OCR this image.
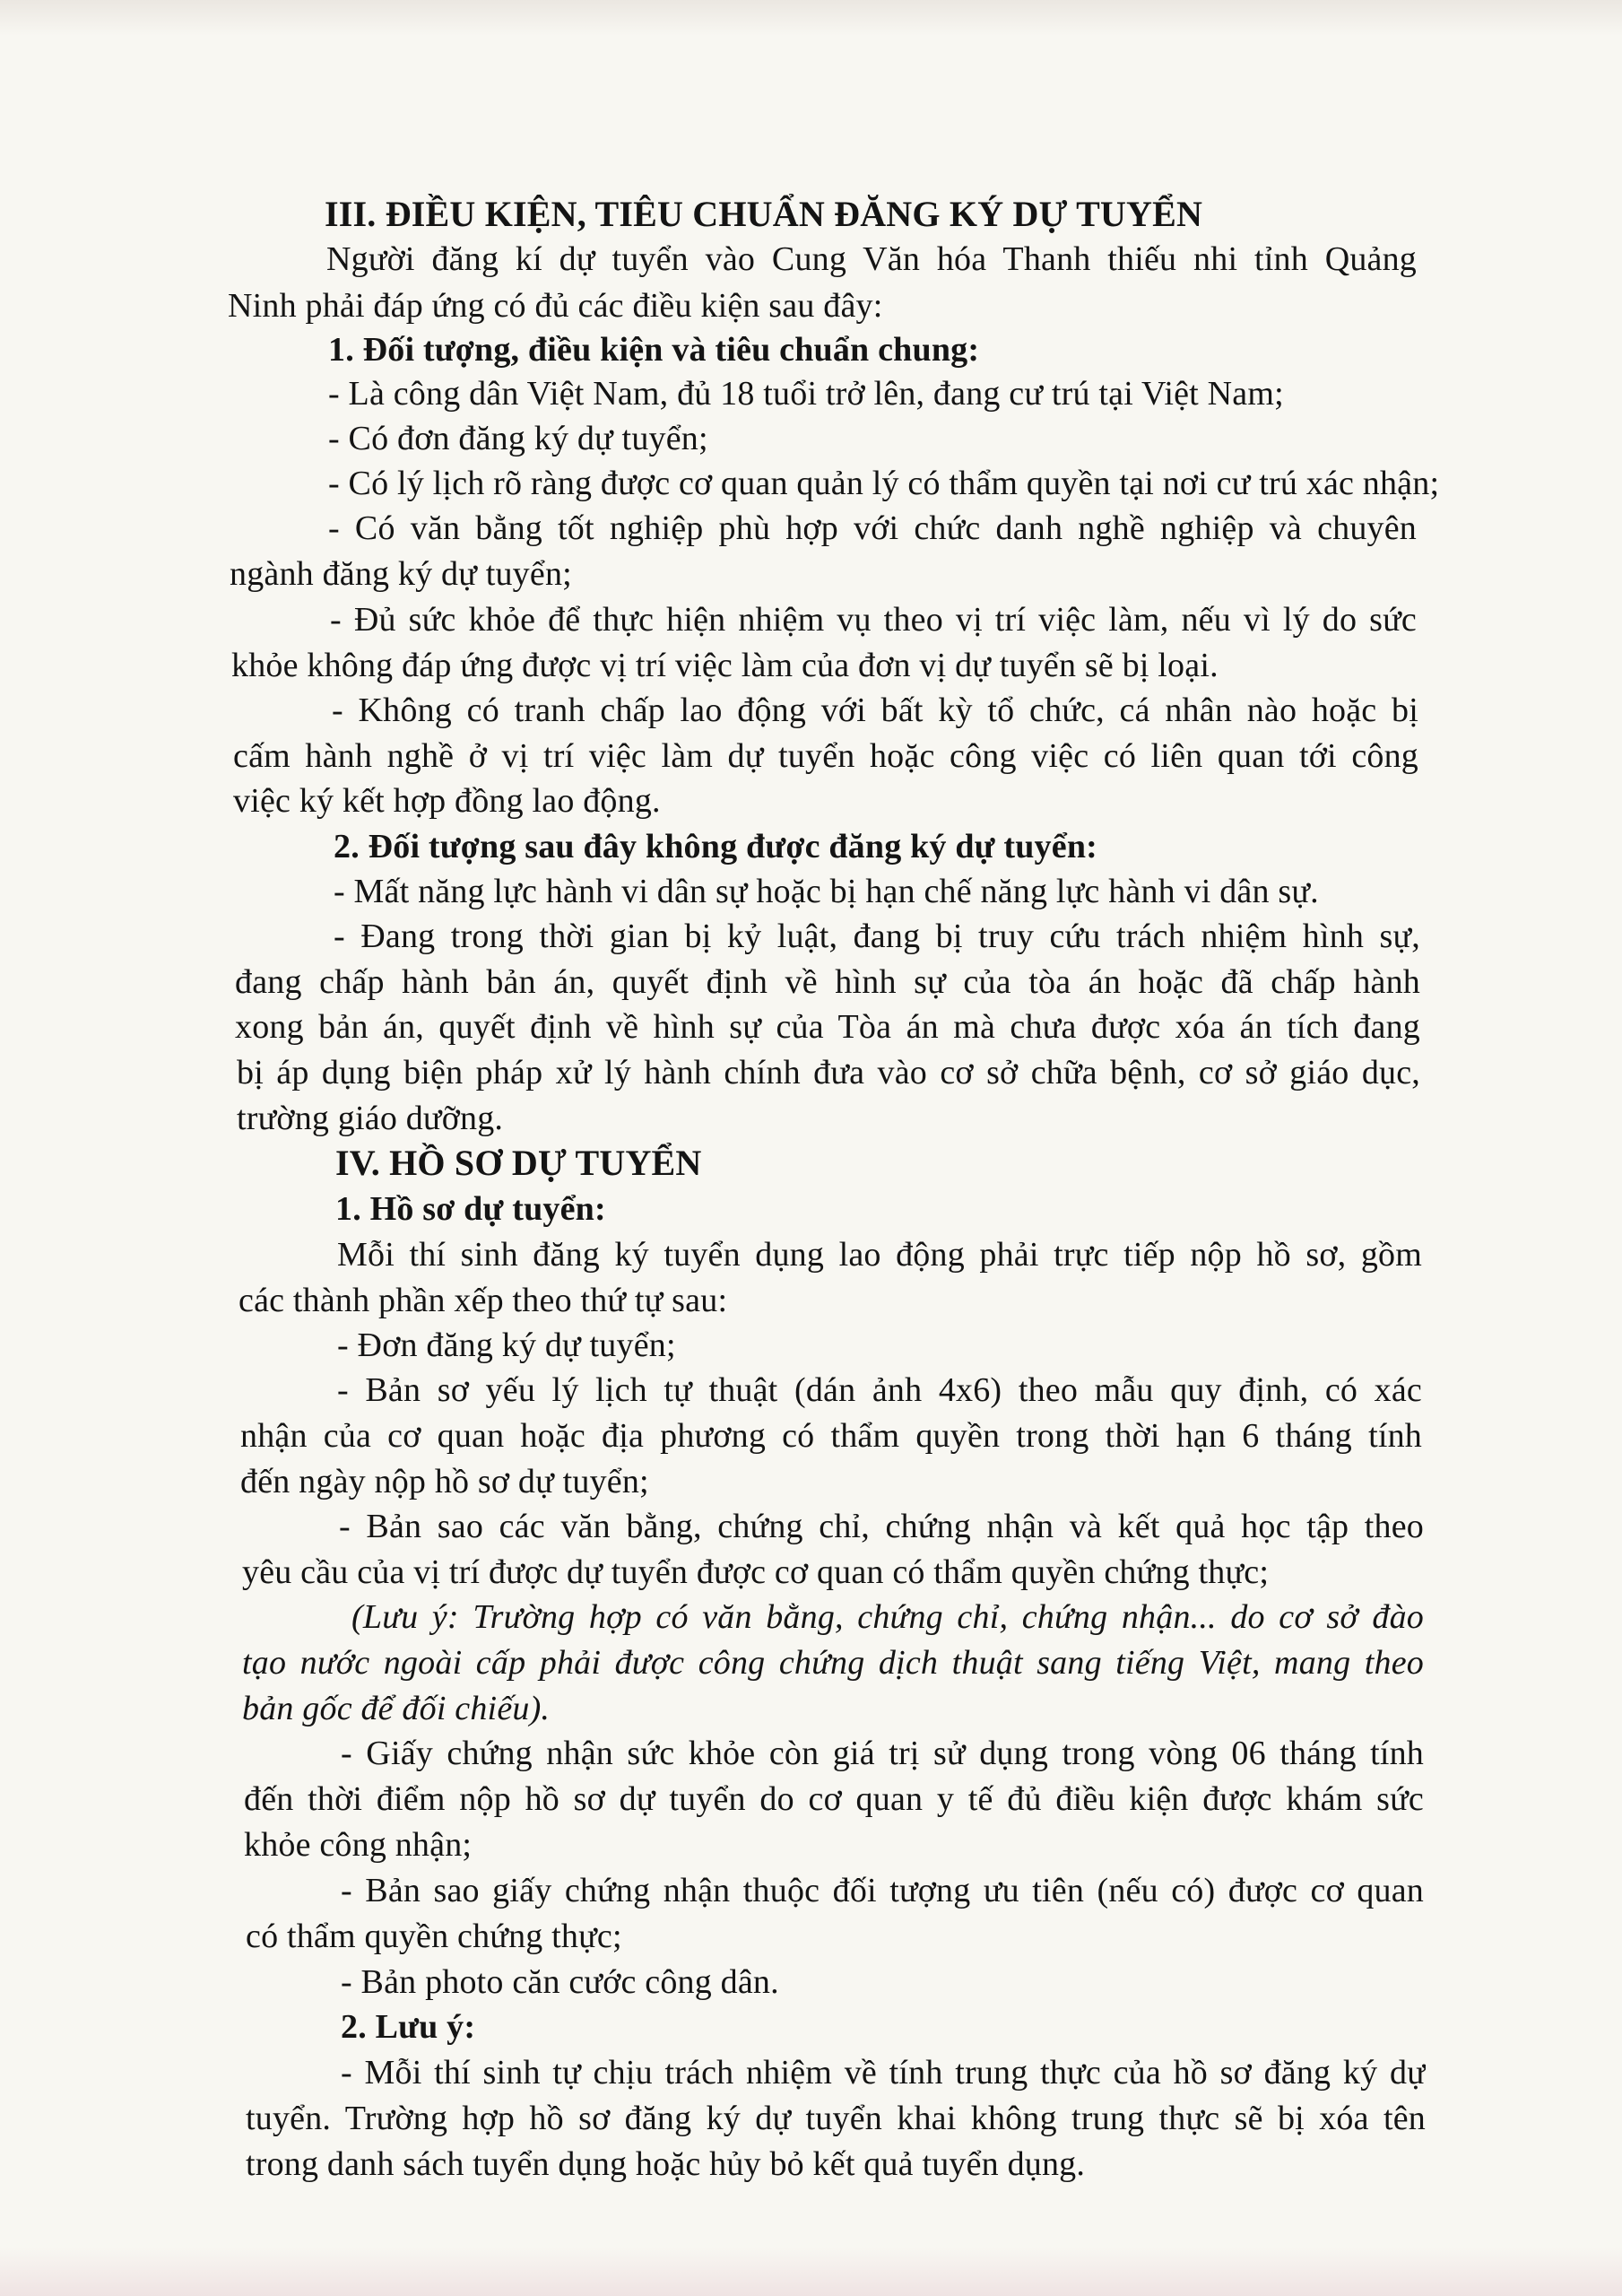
III. ĐIỀU KIỆN, TIÊU CHUẨN ĐĂNG KÝ DỰ TUYỂN
Người đăng kí dự tuyển vào Cung Văn hóa Thanh thiếu nhi tỉnh Quảng
Ninh phải đáp ứng có đủ các điều kiện sau đây:
1. Đối tượng, điều kiện và tiêu chuẩn chung:
- Là công dân Việt Nam, đủ 18 tuổi trở lên, đang cư trú tại Việt Nam;
- Có đơn đăng ký dự tuyển;
- Có lý lịch rõ ràng được cơ quan quản lý có thẩm quyền tại nơi cư trú xác nhận;
- Có văn bằng tốt nghiệp phù hợp với chức danh nghề nghiệp và chuyên
ngành đăng ký dự tuyển;
- Đủ sức khỏe để thực hiện nhiệm vụ theo vị trí việc làm, nếu vì lý do sức
khỏe không đáp ứng được vị trí việc làm của đơn vị dự tuyển sẽ bị loại.
- Không có tranh chấp lao động với bất kỳ tổ chức, cá nhân nào hoặc bị
cấm hành nghề ở vị trí việc làm dự tuyển hoặc công việc có liên quan tới công
việc ký kết hợp đồng lao động.
2. Đối tượng sau đây không được đăng ký dự tuyển:
- Mất năng lực hành vi dân sự hoặc bị hạn chế năng lực hành vi dân sự.
- Đang trong thời gian bị kỷ luật, đang bị truy cứu trách nhiệm hình sự,
đang chấp hành bản án, quyết định về hình sự của tòa án hoặc đã chấp hành
xong bản án, quyết định về hình sự của Tòa án mà chưa được xóa án tích đang
bị áp dụng biện pháp xử lý hành chính đưa vào cơ sở chữa bệnh, cơ sở giáo dục,
trường giáo dưỡng.
IV. HỒ SƠ DỰ TUYỂN
1. Hồ sơ dự tuyển:
Mỗi thí sinh đăng ký tuyển dụng lao động phải trực tiếp nộp hồ sơ, gồm
các thành phần xếp theo thứ tự sau:
- Đơn đăng ký dự tuyển;
- Bản sơ yếu lý lịch tự thuật (dán ảnh 4x6) theo mẫu quy định, có xác
nhận của cơ quan hoặc địa phương có thẩm quyền trong thời hạn 6 tháng tính
đến ngày nộp hồ sơ dự tuyển;
- Bản sao các văn bằng, chứng chỉ, chứng nhận và kết quả học tập theo
yêu cầu của vị trí được dự tuyển được cơ quan có thẩm quyền chứng thực;
(Lưu ý: Trường hợp có văn bằng, chứng chỉ, chứng nhận... do cơ sở đào
tạo nước ngoài cấp phải được công chứng dịch thuật sang tiếng Việt, mang theo
bản gốc để đối chiếu).
- Giấy chứng nhận sức khỏe còn giá trị sử dụng trong vòng 06 tháng tính
đến thời điểm nộp hồ sơ dự tuyển do cơ quan y tế đủ điều kiện được khám sức
khỏe công nhận;
- Bản sao giấy chứng nhận thuộc đối tượng ưu tiên (nếu có) được cơ quan
có thẩm quyền chứng thực;
- Bản photo căn cước công dân.
2. Lưu ý:
- Mỗi thí sinh tự chịu trách nhiệm về tính trung thực của hồ sơ đăng ký dự
tuyển. Trường hợp hồ sơ đăng ký dự tuyển khai không trung thực sẽ bị xóa tên
trong danh sách tuyển dụng hoặc hủy bỏ kết quả tuyển dụng.
